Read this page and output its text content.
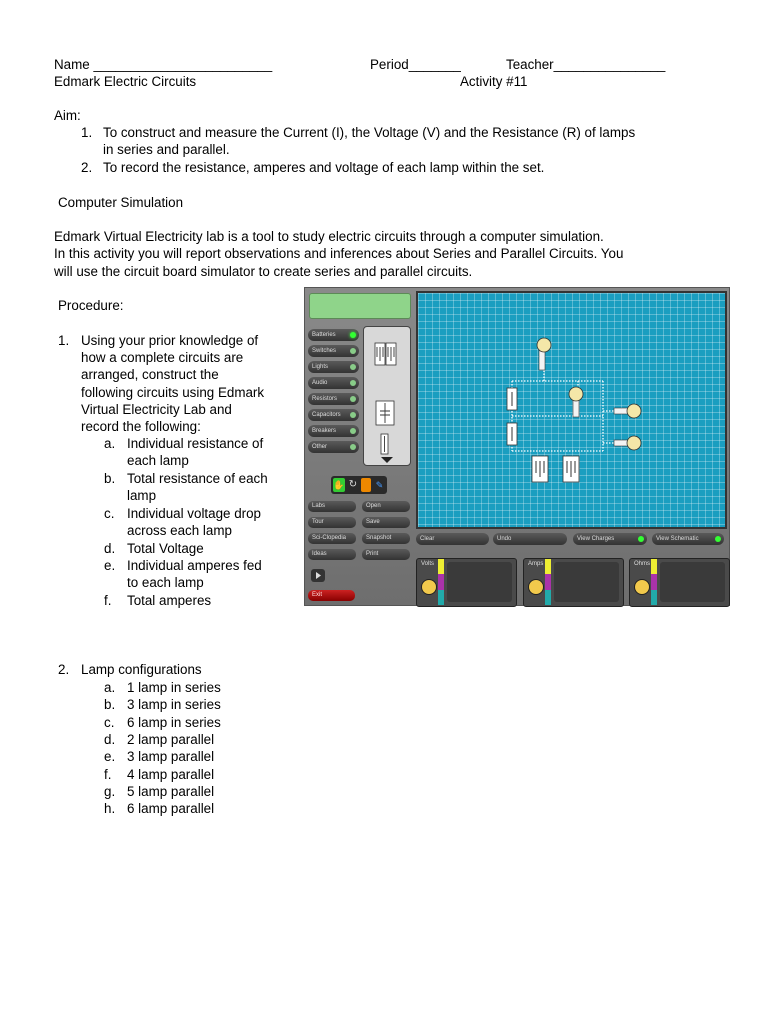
Name ________________________	Period_______	Teacher_______________
Edmark Electric Circuits	Activity #11
Aim:
1. To construct and measure the Current (I), the Voltage (V) and the Resistance (R) of lamps
in series and parallel.
2. To record the resistance, amperes and voltage of each lamp within the set.
Computer Simulation
Edmark Virtual Electricity lab is a tool to study electric circuits through a computer simulation.
In this activity you will report observations and inferences about Series and Parallel Circuits. You
will use the circuit board simulator to create series and parallel circuits.
Procedure:
1. Using your prior knowledge of
how a complete circuits are
arranged, construct the
following circuits using Edmark
Virtual Electricity Lab and
record the following:
a. Individual resistance of
each lamp
b. Total resistance of each
lamp
c. Individual voltage drop
across each lamp
d. Total Voltage
e. Individual amperes fed
to each lamp
f. Total amperes
2. Lamp configurations
a. 1 lamp in series
b. 3 lamp in series
c. 6 lamp in series
d. 2 lamp parallel
e. 3 lamp parallel
f. 4 lamp parallel
g. 5 lamp parallel
h. 6 lamp parallel
Batteries
Switches
Lights
Audio
Resistors
Capacitors
Breakers
Other
✋ ↻ ✎
Labs	Open
Tour	Save
Sci-Clopedia	Snapshot
Ideas	Print
Clear	Undo	View Charges	View Schematic
Exit
Volts	Amps	Ohms
